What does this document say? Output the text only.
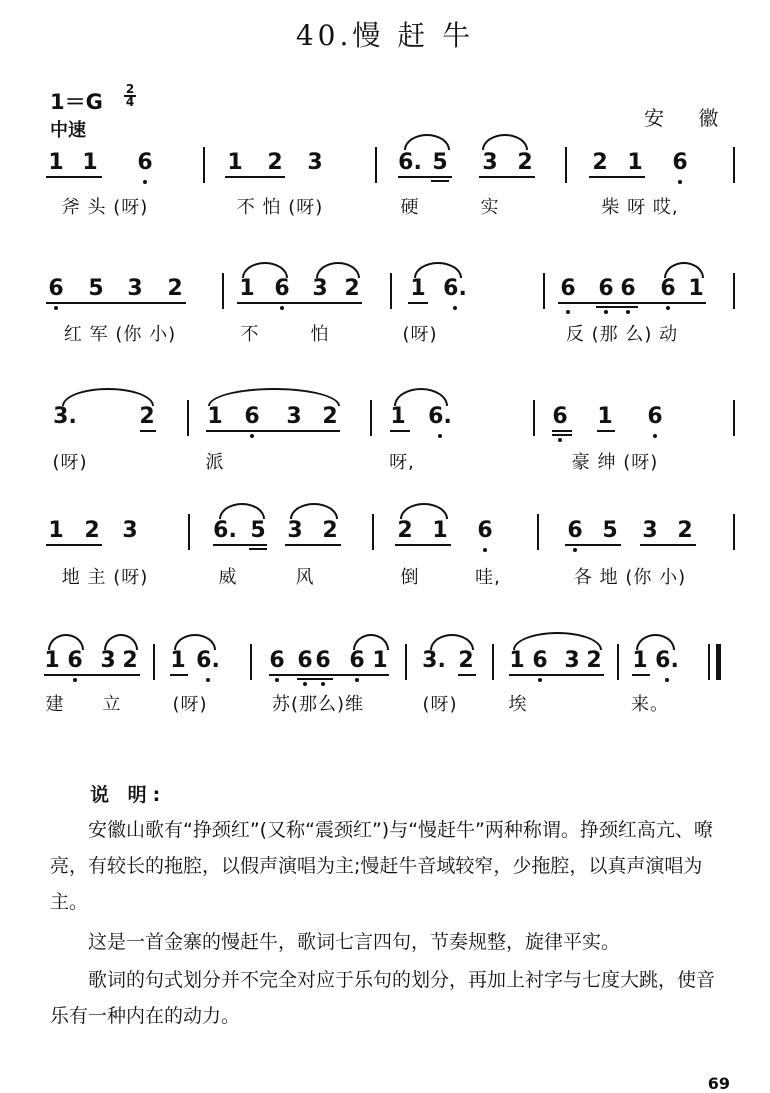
40.慢 赶 牛
1＝G
2
4
中速
安 徽
1 1 6	1 2 3	6. 5 3 2	2 1 6
斧 头 (呀)	不 怕 (呀)	硬	实	柴 呀 哎,
6 5 3 2	1 6 3 2 1 6.	6 6 6 6 1
红 军 (你 小)	不	怕	(呀)	反 (那 么) 动
3.	2 1 6 3 2 1 6.	6 1 6
(呀)	派	呀,	豪 绅 (呀)
1 2 3	6. 5 3 2	2 1 6	6 5 3 2
地 主 (呀)	威	风	倒	哇,	各 地 (你 小)
1 6 3 2 1 6. 6 6 6 6 1 3. 2 1 6 3 2 1 6.
建 立	(呀)	苏(那么)维	(呀)	埃	来。
说 明:
安徽山歌有“挣颈红”(又称“震颈红”)与“慢赶牛”两种称谓。挣颈红高亢、嘹亮，有较长的拖腔，以假声演唱为主;慢赶牛音域较窄，少拖腔，以真声演唱为主。
这是一首金寨的慢赶牛，歌词七言四句，节奏规整，旋律平实。
歌词的句式划分并不完全对应于乐句的划分，再加上衬字与七度大跳，使音乐有一种内在的动力。
69
